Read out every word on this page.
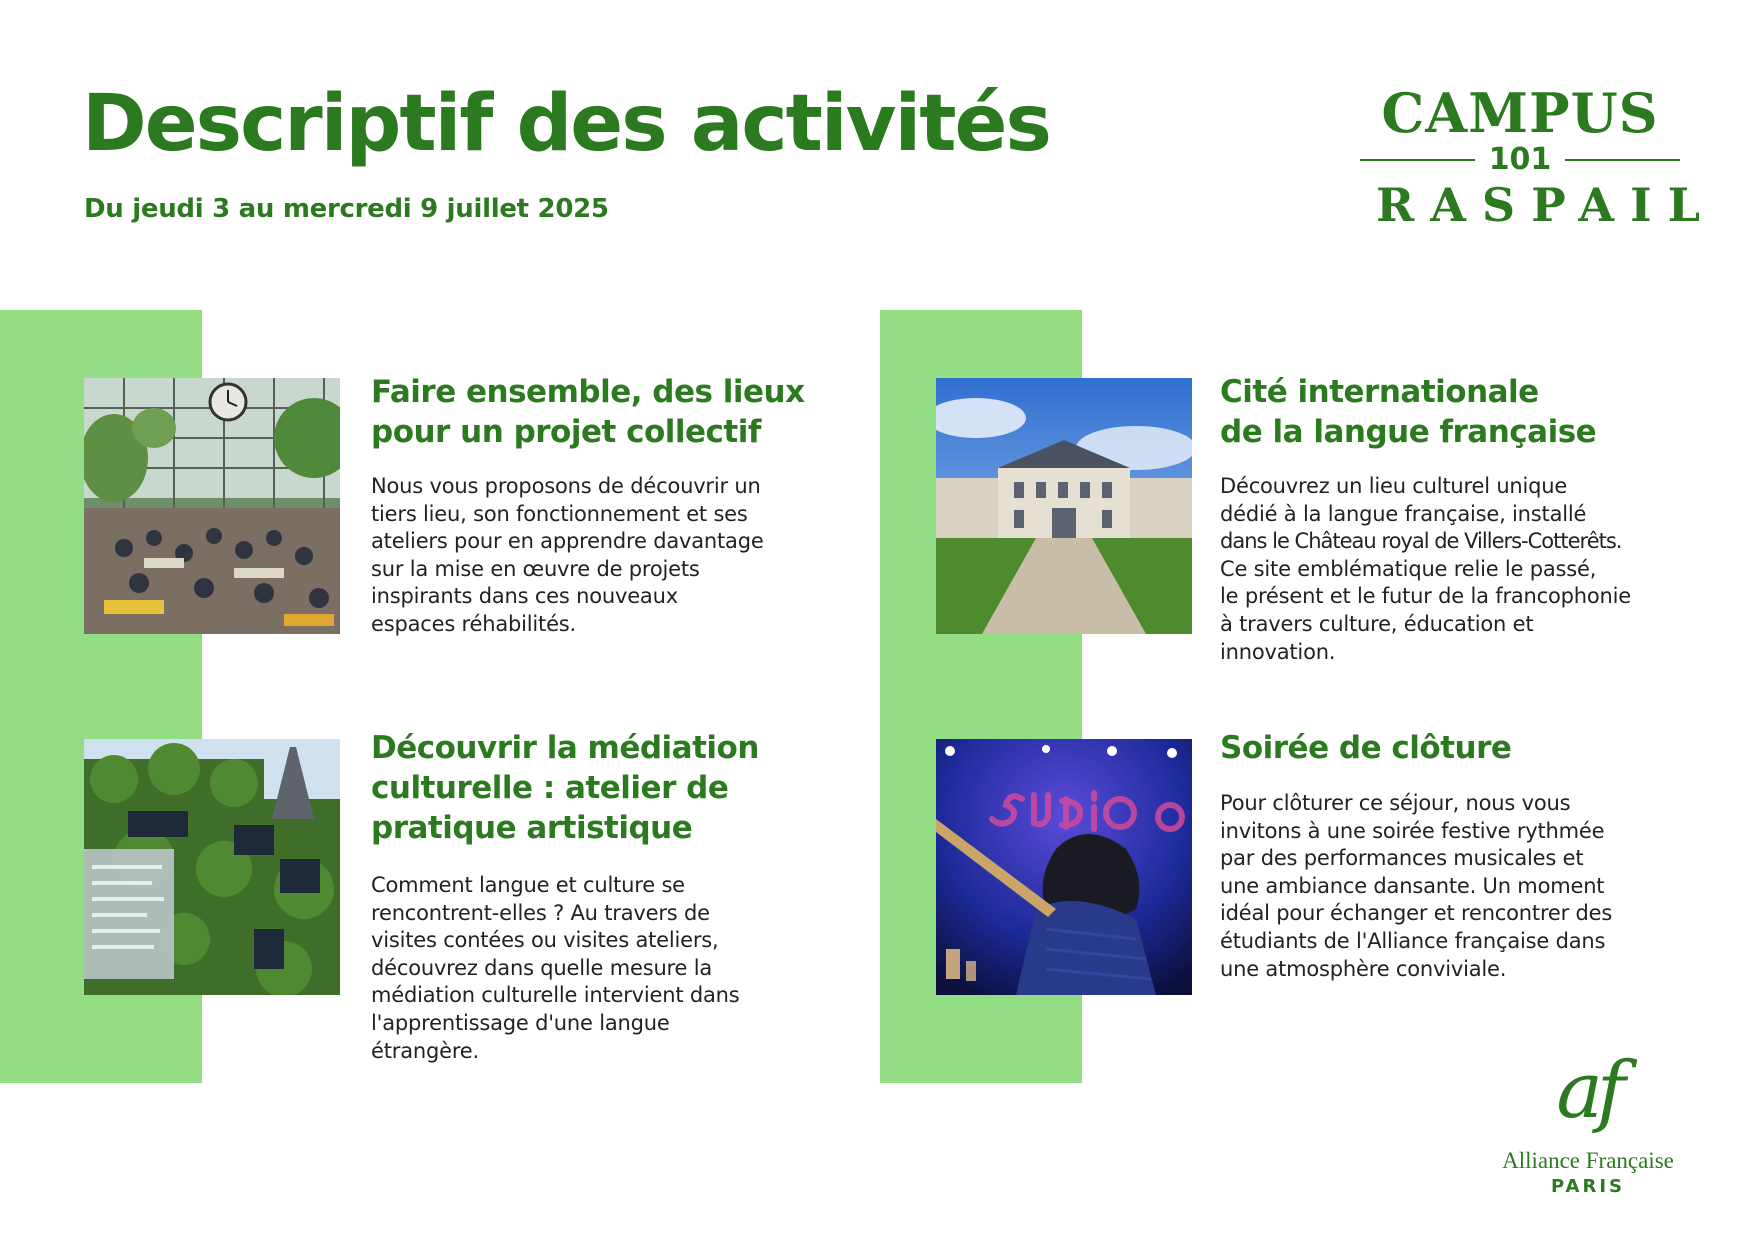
Descriptif des activités
Du jeudi 3 au mercredi 9 juillet 2025
CAMPUS
101
RASPAIL
Faire ensemble, des lieux
pour un projet collectif
Nous vous proposons de découvrir un
tiers lieu, son fonctionnement et ses
ateliers pour en apprendre davantage
sur la mise en œuvre de projets
inspirants dans ces nouveaux
espaces réhabilités.
Cité internationale
de la langue française
Découvrez un lieu culturel unique
dédié à la langue française, installé
dans le Château royal de Villers-Cotterêts.
Ce site emblématique relie le passé,
le présent et le futur de la francophonie
à travers culture, éducation et
innovation.
Découvrir la médiation
culturelle : atelier de
pratique artistique
Comment langue et culture se
rencontrent-elles ? Au travers de
visites contées ou visites ateliers,
découvrez dans quelle mesure la
médiation culturelle intervient dans
l'apprentissage d'une langue
étrangère.
Soirée de clôture
Pour clôturer ce séjour, nous vous
invitons à une soirée festive rythmée
par des performances musicales et
une ambiance dansante. Un moment
idéal pour échanger et rencontrer des
étudiants de l'Alliance française dans
une atmosphère conviviale.
af
Alliance Française
PARIS
